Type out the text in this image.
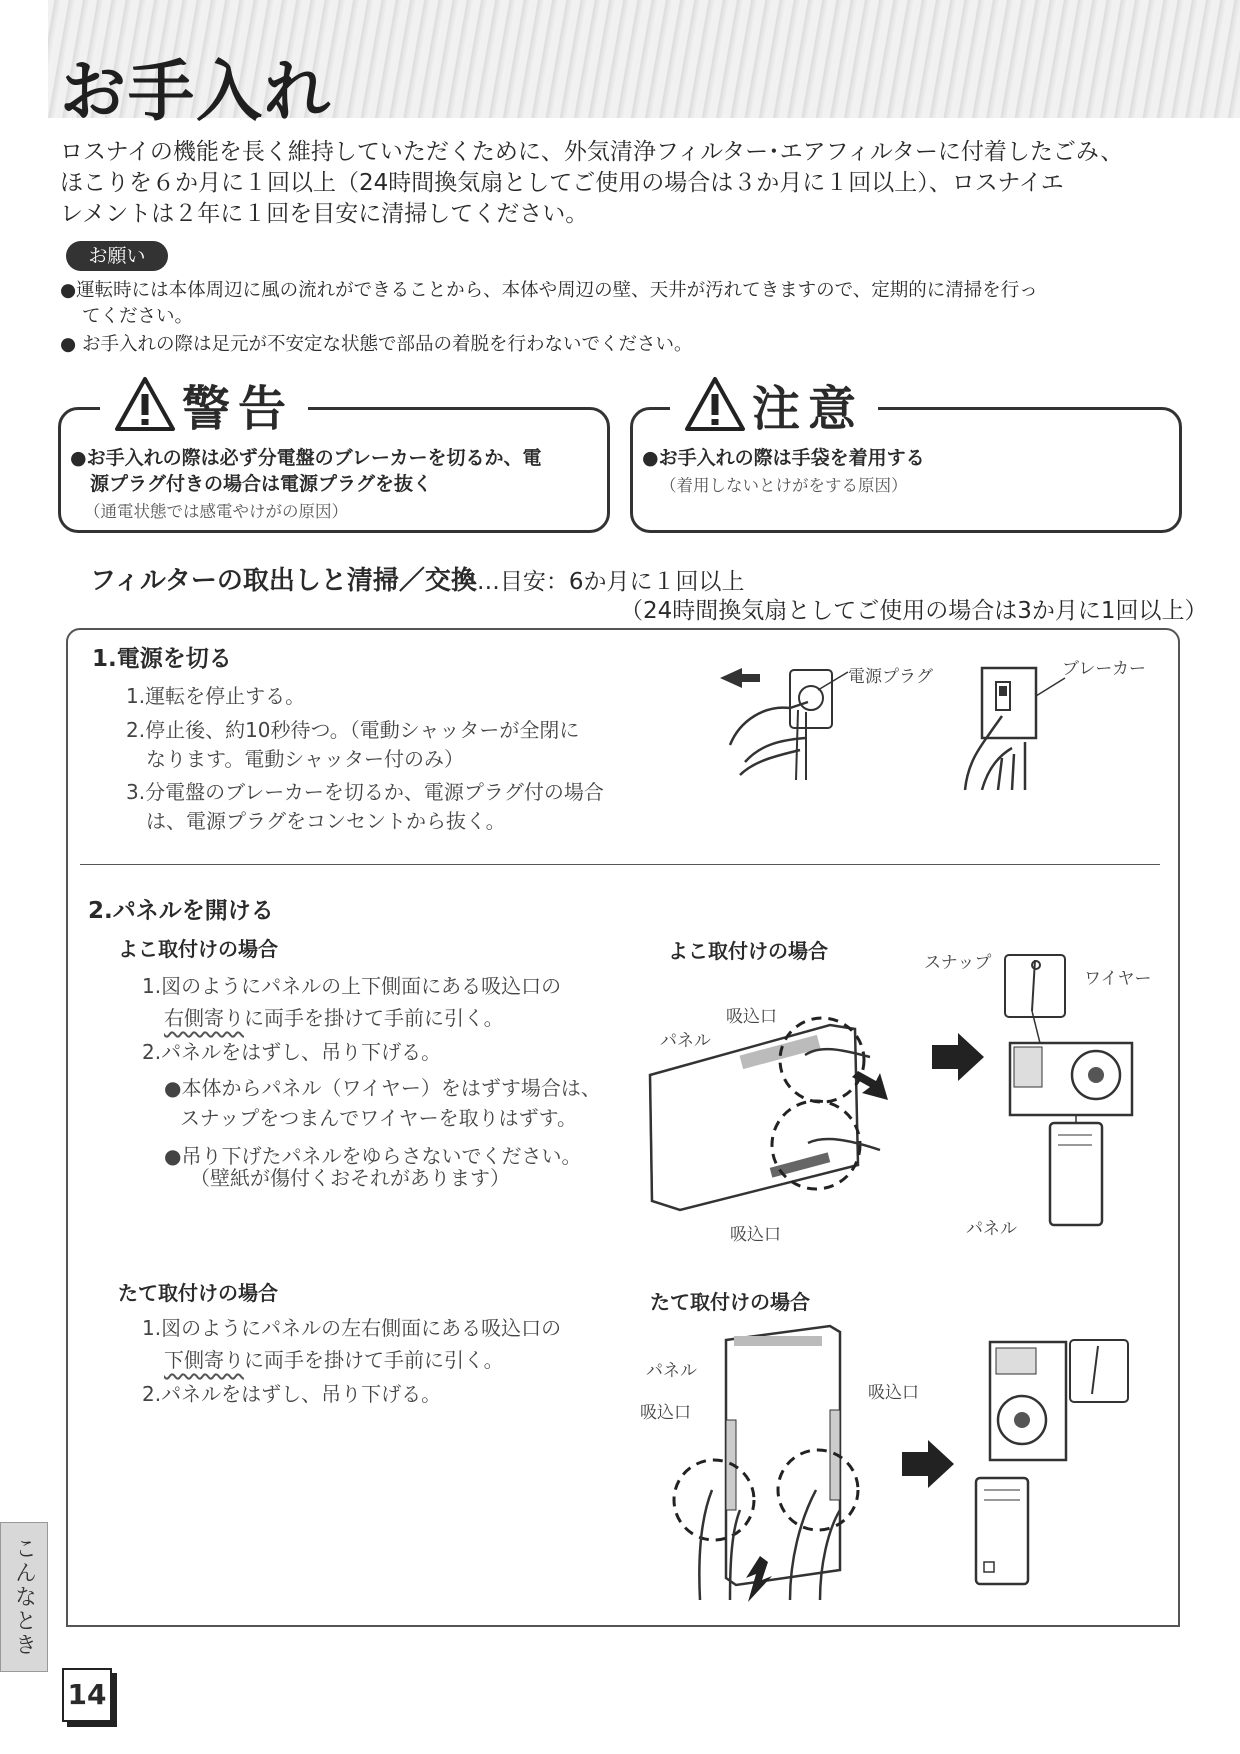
お手入れ
ロスナイの機能を長く維持していただくために、外気清浄フィルター･エアフィルターに付着したごみ、
ほこりを６か月に１回以上（24時間換気扇としてご使用の場合は３か月に１回以上）、ロスナイエ
レメントは２年に１回を目安に清掃してください。
お願い
●運転時には本体周辺に風の流れができることから、本体や周辺の壁、天井が汚れてきますので、定期的に清掃を行っ
てください。
● お手入れの際は足元が不安定な状態で部品の着脱を行わないでください。
警告
●お手入れの際は必ず分電盤のブレーカーを切るか、電
源プラグ付きの場合は電源プラグを抜く
（通電状態では感電やけがの原因）
注意
●お手入れの際は手袋を着用する
（着用しないとけがをする原因）
フィルターの取出しと清掃／交換…目安：6か月に１回以上
（24時間換気扇としてご使用の場合は3か月に1回以上）
1.電源を切る
1.運転を停止する。
2.停止後、約10秒待つ。（電動シャッターが全閉に
なります。電動シャッター付のみ）
3.分電盤のブレーカーを切るか、電源プラグ付の場合
は、電源プラグをコンセントから抜く。
電源プラグ	ブレーカー
2.パネルを開ける
よこ取付けの場合
1.図のようにパネルの上下側面にある吸込口の
右側寄りに両手を掛けて手前に引く。
2.パネルをはずし、吊り下げる。
●本体からパネル（ワイヤー）をはずす場合は、
スナップをつまんでワイヤーを取りはずす。
●吊り下げたパネルをゆらさないでください。
（壁紙が傷付くおそれがあります）
よこ取付けの場合	スナップ
ワイヤー
吸込口
パネル
吸込口	パネル
たて取付けの場合
1.図のようにパネルの左右側面にある吸込口の
下側寄りに両手を掛けて手前に引く。
2.パネルをはずし、吊り下げる。
たて取付けの場合
パネル
吸込口
吸込口
こんなとき
14
